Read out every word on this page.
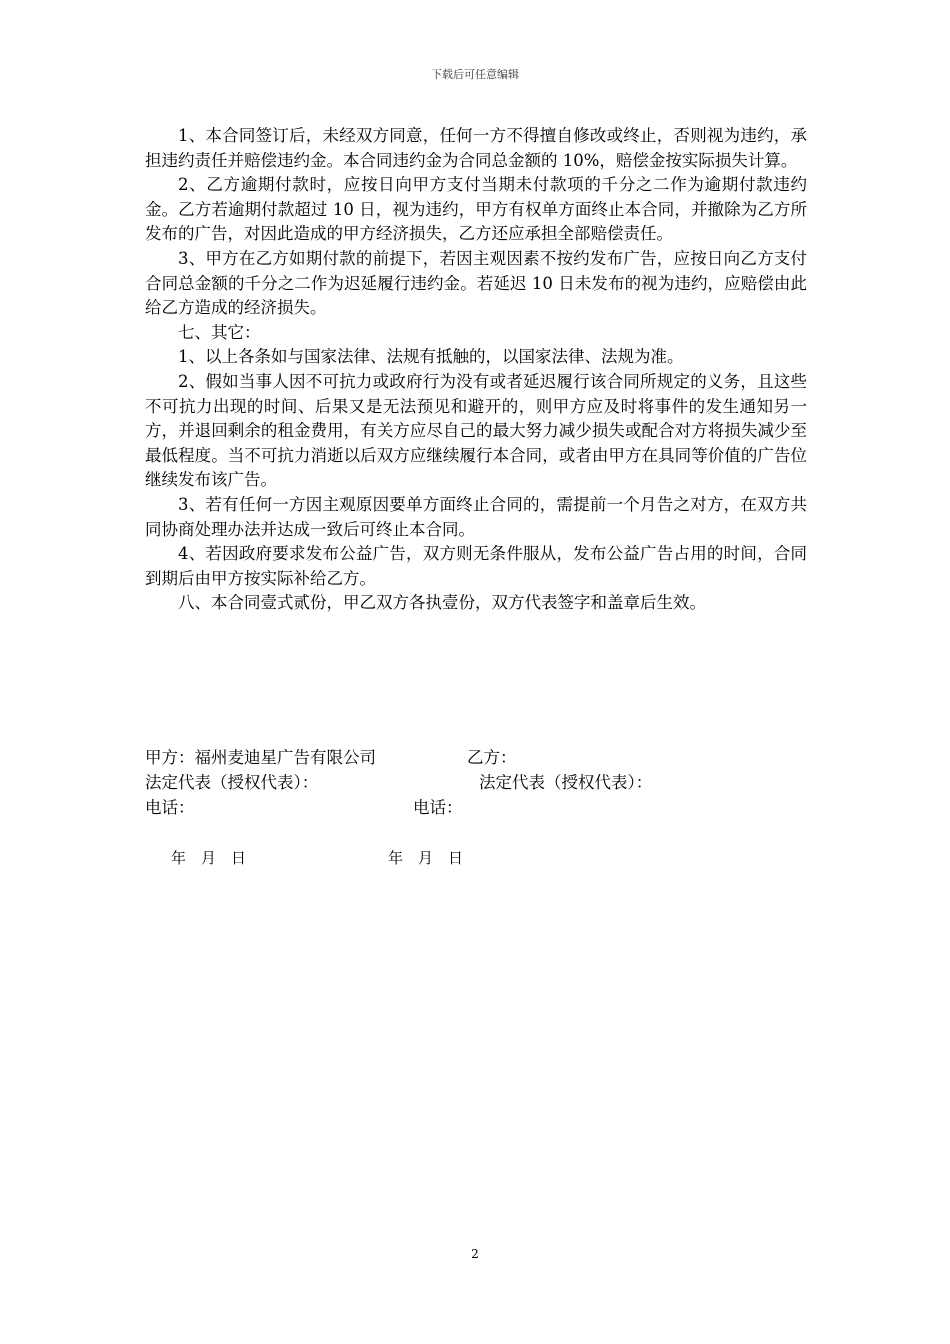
下载后可任意编辑

1、本合同签订后，未经双方同意，任何一方不得擅自修改或终止，否则视为违约，承担违约责任并赔偿违约金。本合同违约金为合同总金额的 10%，赔偿金按实际损失计算。

2、乙方逾期付款时，应按日向甲方支付当期未付款项的千分之二作为逾期付款违约金。乙方若逾期付款超过 10 日，视为违约，甲方有权单方面终止本合同，并撤除为乙方所发布的广告，对因此造成的甲方经济损失，乙方还应承担全部赔偿责任。

3、甲方在乙方如期付款的前提下，若因主观因素不按约发布广告，应按日向乙方支付合同总金额的千分之二作为迟延履行违约金。若延迟 10 日未发布的视为违约，应赔偿由此给乙方造成的经济损失。

七、其它：

1、以上各条如与国家法律、法规有抵触的，以国家法律、法规为准。

2、假如当事人因不可抗力或政府行为没有或者延迟履行该合同所规定的义务，且这些不可抗力出现的时间、后果又是无法预见和避开的，则甲方应及时将事件的发生通知另一方，并退回剩余的租金费用，有关方应尽自己的最大努力减少损失或配合对方将损失减少至最低程度。当不可抗力消逝以后双方应继续履行本合同，或者由甲方在具同等价值的广告位继续发布该广告。

3、若有任何一方因主观原因要单方面终止合同的，需提前一个月告之对方，在双方共同协商处理办法并达成一致后可终止本合同。

4、若因政府要求发布公益广告，双方则无条件服从，发布公益广告占用的时间，合同到期后由甲方按实际补给乙方。

八、本合同壹式贰份，甲乙双方各执壹份，双方代表签字和盖章后生效。

甲方：福州麦迪星广告有限公司	乙方：
法定代表（授权代表）：	法定代表（授权代表）：
电话：	电话：
年　月　日	年　月　日
2
